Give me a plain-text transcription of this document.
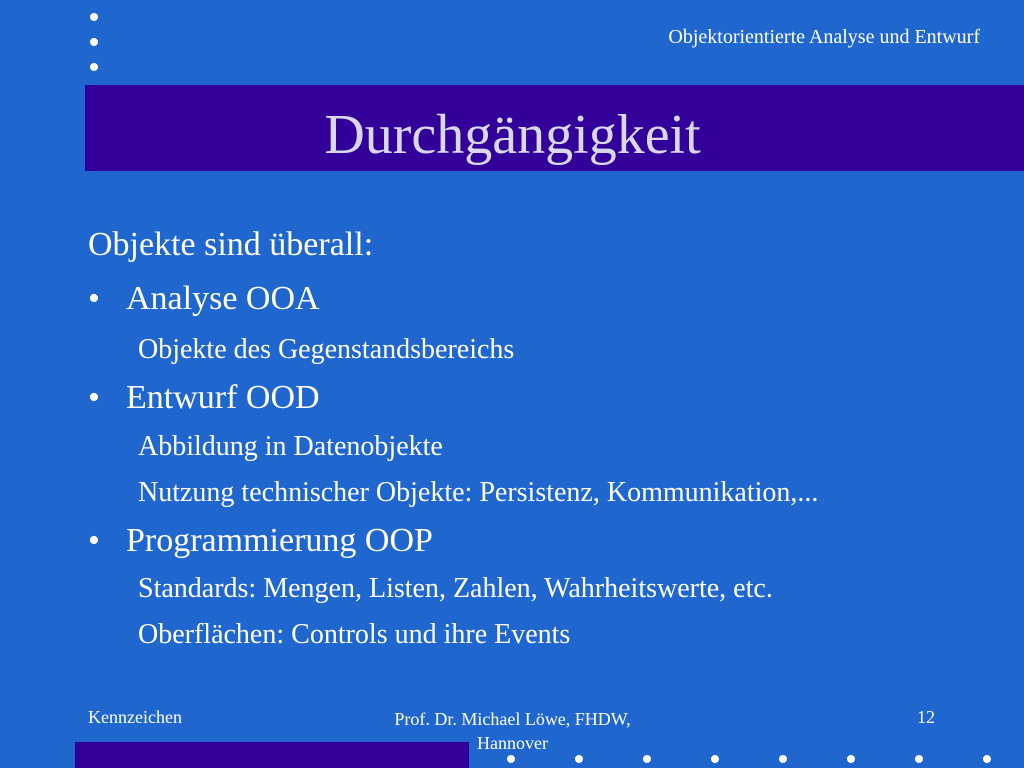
Objektorientierte Analyse und Entwurf
Durchgängigkeit
Objekte sind überall:
• Analyse OOA
Objekte des Gegenstandsbereichs
• Entwurf OOD
Abbildung in Datenobjekte
Nutzung technischer Objekte: Persistenz, Kommunikation,...
• Programmierung OOP
Standards: Mengen, Listen, Zahlen, Wahrheitswerte, etc.
Oberflächen: Controls und ihre Events
Kennzeichen	Prof. Dr. Michael Löwe, FHDW,
Hannover
12
